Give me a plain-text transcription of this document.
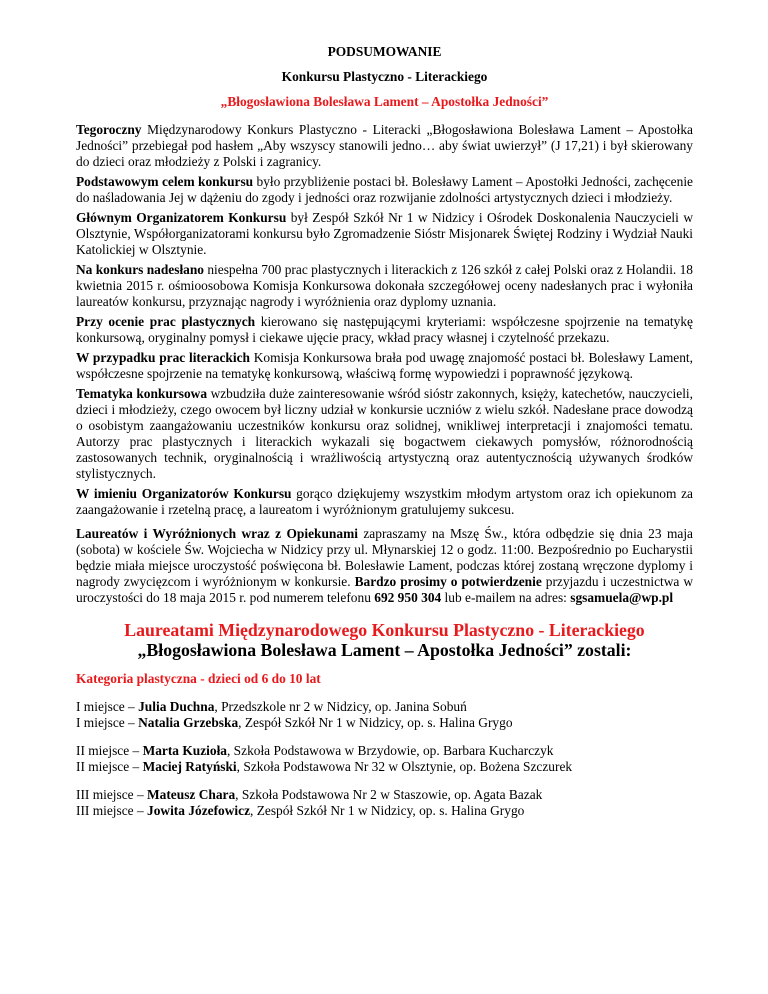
PODSUMOWANIE
Konkursu Plastyczno - Literackiego
„Błogosławiona Bolesława Lament – Apostołka Jedności”

Tegoroczny Międzynarodowy Konkurs Plastyczno - Literacki „Błogosławiona Bolesława Lament – Apostołka Jedności” przebiegał pod hasłem „Aby wszyscy stanowili jedno… aby świat uwierzył” (J 17,21) i był skierowany do dzieci oraz młodzieży z Polski i zagranicy.

Podstawowym celem konkursu było przybliżenie postaci bł. Bolesławy Lament – Apostołki Jedności, zachęcenie do naśladowania Jej w dążeniu do zgody i jedności oraz rozwijanie zdolności artystycznych dzieci i młodzieży.

Głównym Organizatorem Konkursu był Zespół Szkół Nr 1 w Nidzicy i Ośrodek Doskonalenia Nauczycieli w Olsztynie, Współorganizatorami konkursu było Zgromadzenie Sióstr Misjonarek Świętej Rodziny i Wydział Nauki Katolickiej w Olsztynie.

Na konkurs nadesłano niespełna 700 prac plastycznych i literackich z 126 szkół z całej Polski oraz z Holandii. 18 kwietnia 2015 r. ośmioosobowa Komisja Konkursowa dokonała szczegółowej oceny nadesłanych prac i wyłoniła laureatów konkursu, przyznając nagrody i wyróżnienia oraz dyplomy uznania.

Przy ocenie prac plastycznych kierowano się następującymi kryteriami: współczesne spojrzenie na tematykę konkursową, oryginalny pomysł i ciekawe ujęcie pracy, wkład pracy własnej i czytelność przekazu.

W przypadku prac literackich Komisja Konkursowa brała pod uwagę znajomość postaci bł. Bolesławy Lament, współczesne spojrzenie na tematykę konkursową, właściwą formę wypowiedzi i poprawność językową.

Tematyka konkursowa wzbudziła duże zainteresowanie wśród sióstr zakonnych, księży, katechetów, nauczycieli, dzieci i młodzieży, czego owocem był liczny udział w konkursie uczniów z wielu szkół. Nadesłane prace dowodzą o osobistym zaangażowaniu uczestników konkursu oraz solidnej, wnikliwej interpretacji i znajomości tematu. Autorzy prac plastycznych i literackich wykazali się bogactwem ciekawych pomysłów, różnorodnością zastosowanych technik, oryginalnością i wrażliwością artystyczną oraz autentycznością używanych środków stylistycznych.

W imieniu Organizatorów Konkursu gorąco dziękujemy wszystkim młodym artystom oraz ich opiekunom za zaangażowanie i rzetelną pracę, a laureatom i wyróżnionym gratulujemy sukcesu.

Laureatów i Wyróżnionych wraz z Opiekunami zapraszamy na Mszę Św., która odbędzie się dnia 23 maja (sobota) w kościele Św. Wojciecha w Nidzicy przy ul. Młynarskiej 12 o godz. 11:00. Bezpośrednio po Eucharystii będzie miała miejsce uroczystość poświęcona bł. Bolesławie Lament, podczas której zostaną wręczone dyplomy i nagrody zwycięzcom i wyróżnionym w konkursie. Bardzo prosimy o potwierdzenie przyjazdu i uczestnictwa w uroczystości do 18 maja 2015 r. pod numerem telefonu 692 950 304 lub e-mailem na adres: sgsamuela@wp.pl

Laureatami Międzynarodowego Konkursu Plastyczno - Literackiego
„Błogosławiona Bolesława Lament – Apostołka Jedności” zostali:
Kategoria plastyczna - dzieci od 6 do 10 lat
I miejsce – Julia Duchna, Przedszkole nr 2 w Nidzicy, op. Janina Sobuń
I miejsce – Natalia Grzebska, Zespół Szkół Nr 1 w Nidzicy, op. s. Halina Grygo
II miejsce – Marta Kuzioła, Szkoła Podstawowa w Brzydowie, op. Barbara Kucharczyk
II miejsce – Maciej Ratyński, Szkoła Podstawowa Nr 32 w Olsztynie, op. Bożena Szczurek
III miejsce – Mateusz Chara, Szkoła Podstawowa Nr 2 w Staszowie, op. Agata Bazak
III miejsce – Jowita Józefowicz, Zespół Szkół Nr 1 w Nidzicy, op. s. Halina Grygo
